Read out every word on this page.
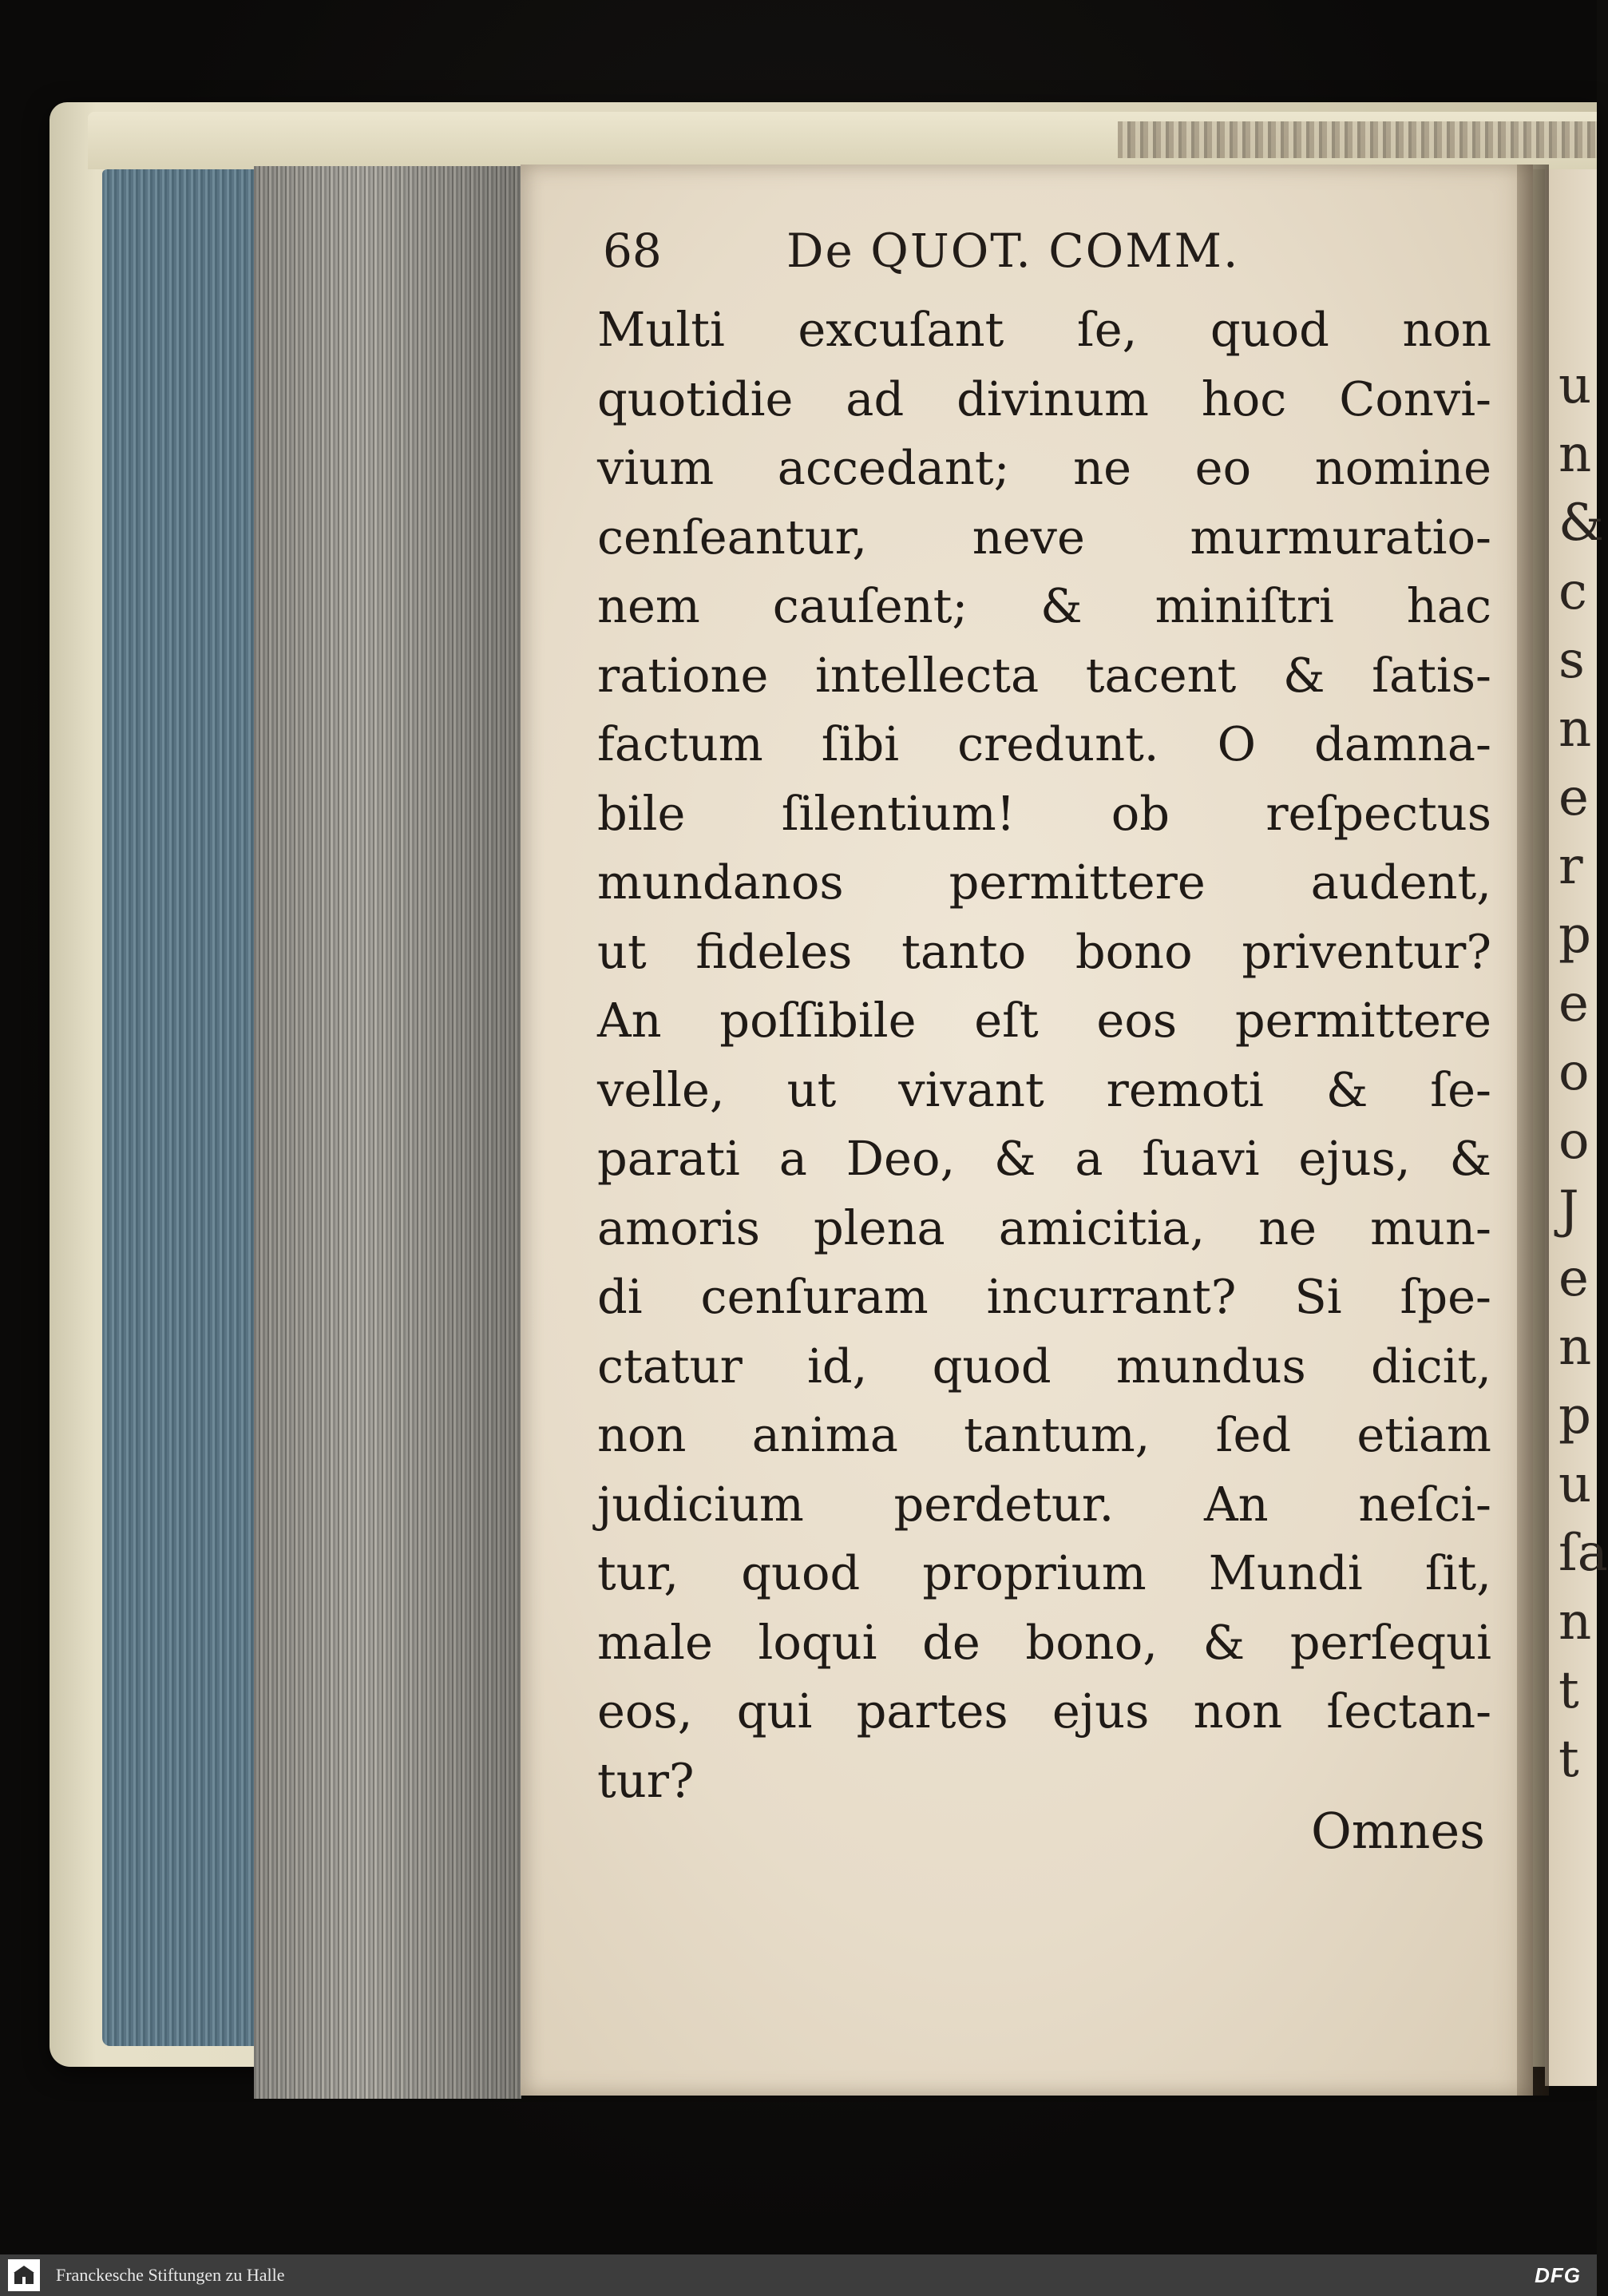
u
n
&
c
s
n
e
r
p
e
o
o
J
e
n
p
u
ſa
n
t
t
68	De QUOT. COMM.
Multi excuſant ſe, quod non
quotidie ad divinum hoc Convi-
vium accedant; ne eo nomine
cenſeantur, neve murmuratio-
nem cauſent; & miniſtri hac
ratione intellecta tacent & ſatis-
factum ſibi credunt. O damna-
bile ſilentium! ob reſpectus
mundanos permittere audent,
ut fideles tanto bono priventur?
An poſſibile eſt eos permittere
velle, ut vivant remoti & ſe-
parati a Deo, & a ſuavi ejus, &
amoris plena amicitia, ne mun-
di cenſuram incurrant? Si ſpe-
ctatur id, quod mundus dicit,
non anima tantum, ſed etiam
judicium perdetur. An neſci-
tur, quod proprium Mundi ſit,
male loqui de bono, & perſequi
eos, qui partes ejus non ſectan-
tur?
Omnes
Franckesche Stiftungen zu Halle	DFG
